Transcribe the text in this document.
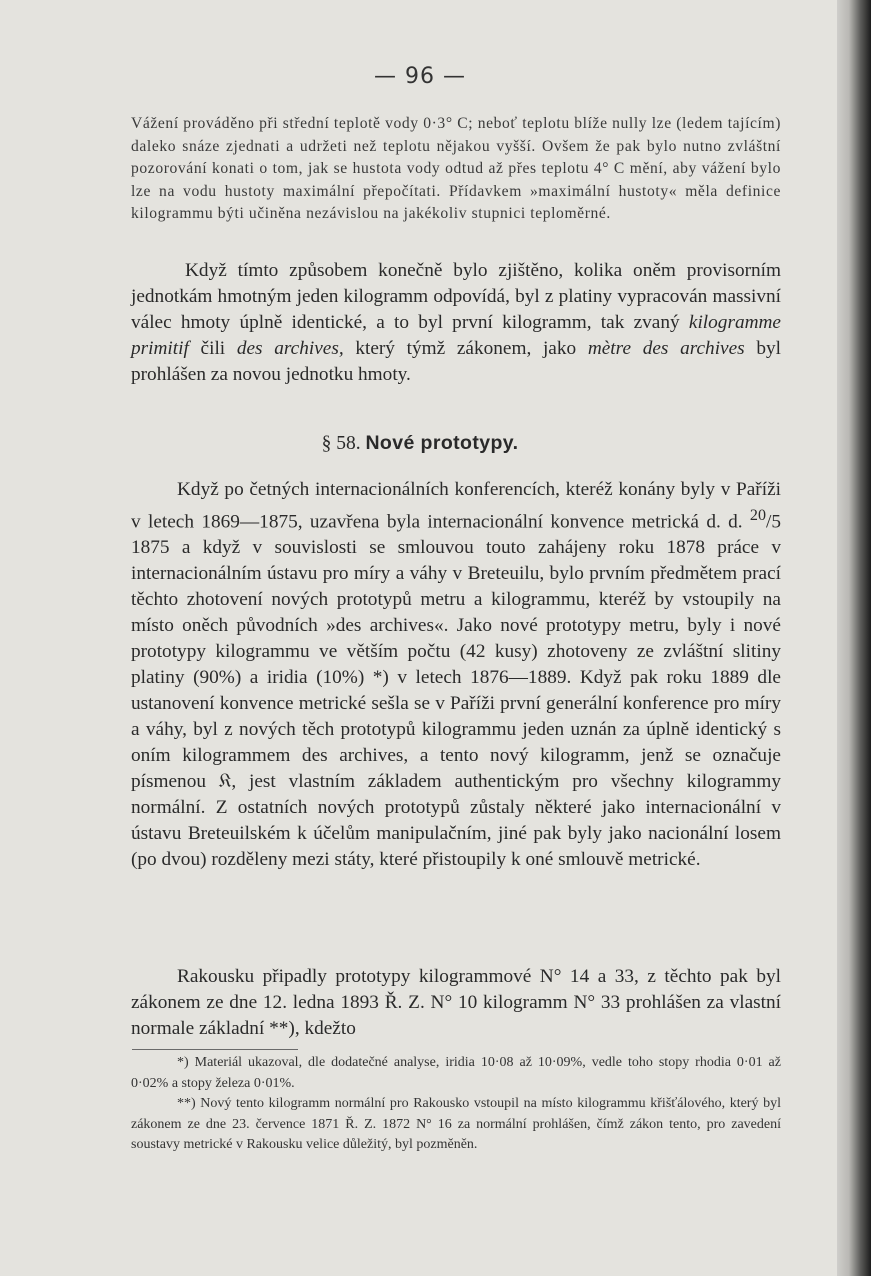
— 96 —
Vážení prováděno při střední teplotě vody 0·3° C; neboť teplotu blíže nully lze (ledem tajícím) daleko snáze zjednati a udržeti než teplotu nějakou vyšší. Ovšem že pak bylo nutno zvláštní pozorování konati o tom, jak se hustota vody odtud až přes teplotu 4° C mění, aby vážení bylo lze na vodu hustoty maximální přepočítati. Přídavkem »maximální hustoty« měla definice kilogrammu býti učiněna nezávislou na jakékoliv stupnici teploměrné.
Když tímto způsobem konečně bylo zjištěno, kolika oněm provisorním jednotkám hmotným jeden kilogramm odpovídá, byl z platiny vypracován massivní válec hmoty úplně identické, a to byl první kilogramm, tak zvaný kilogramme primitif čili des archives, který týmž zákonem, jako mètre des archives byl prohlášen za novou jednotku hmoty.
§ 58. Nové prototypy.
Když po četných internacionálních konferencích, kteréž konány byly v Paříži v letech 1869—1875, uzavřena byla internacionální konvence metrická d. d. $^{20}$/5 1875 a když v souvislosti se smlouvou touto zahájeny roku 1878 práce v internacionálním ústavu pro míry a váhy v Breteuilu, bylo prvním předmětem prací těchto zhotovení nových prototypů metru a kilogrammu, kteréž by vstoupily na místo oněch původních »des archives«. Jako nové prototypy metru, byly i nové prototypy kilogrammu ve větším počtu (42 kusy) zhotoveny ze zvláštní slitiny platiny (90%) a iridia (10%) *) v letech 1876—1889. Když pak roku 1889 dle ustanovení konvence metrické sešla se v Paříži první generální konference pro míry a váhy, byl z nových těch prototypů kilogrammu jeden uznán za úplně identický s oním kilogrammem des archives, a tento nový kilogramm, jenž se označuje písmenou 𝔎, jest vlastním základem authentickým pro všechny kilogrammy normální. Z ostatních nových prototypů zůstaly některé jako internacionální v ústavu Breteuilském k účelům manipulačním, jiné pak byly jako nacionální losem (po dvou) rozděleny mezi státy, které přistoupily k oné smlouvě metrické.
Rakousku připadly prototypy kilogrammové N° 14 a 33, z těchto pak byl zákonem ze dne 12. ledna 1893 Ř. Z. N° 10 kilogramm N° 33 prohlášen za vlastní normale základní **), kdežto

*) Materiál ukazoval, dle dodatečné analyse, iridia 10·08 až 10·09%, vedle toho stopy rhodia 0·01 až 0·02% a stopy železa 0·01%.

**) Nový tento kilogramm normální pro Rakousko vstoupil na místo kilogrammu křišťálového, který byl zákonem ze dne 23. července 1871 Ř. Z. 1872 N° 16 za normální prohlášen, čímž zákon tento, pro zavedení soustavy metrické v Rakousku velice důležitý, byl pozměněn.
